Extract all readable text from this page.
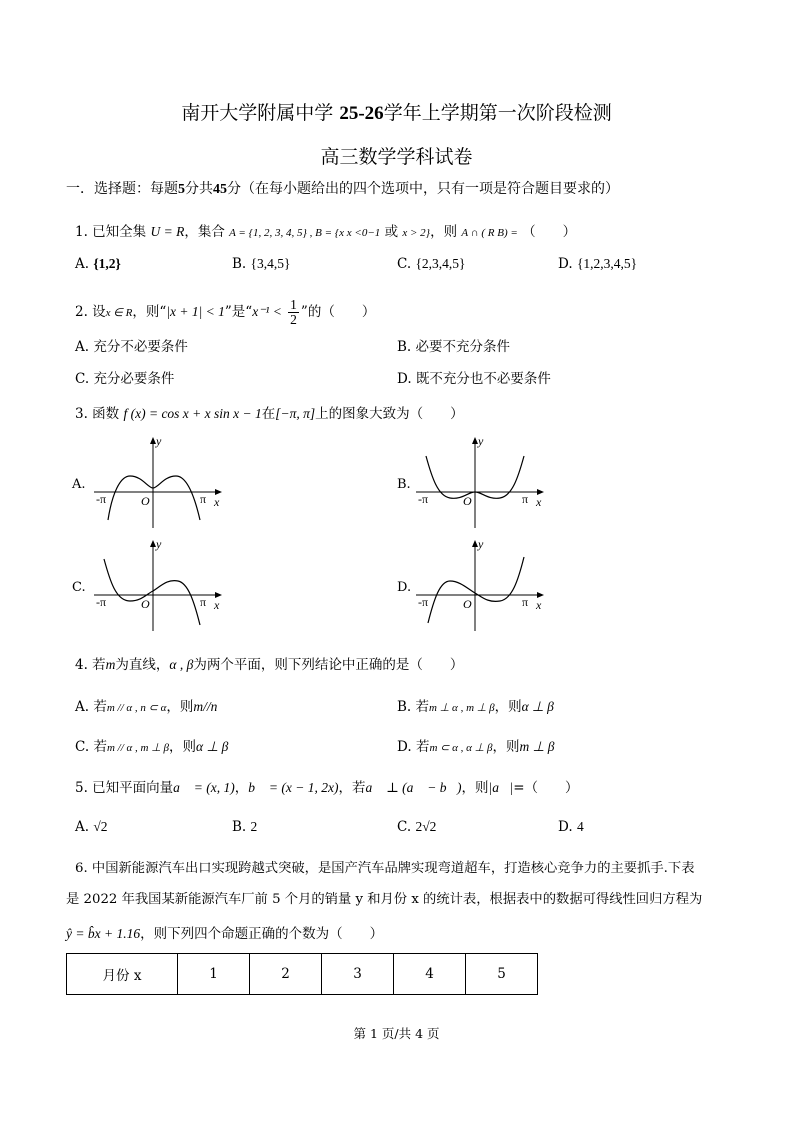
南开大学附属中学 25-26学年上学期第一次阶段检测
高三数学学科试卷
一．选择题：每题5分共45分（在每小题给出的四个选项中，只有一项是符合题目要求的）
1. 已知全集 U = R，集合 A = {1, 2, 3, 4, 5} , B = {x x <0−1 或 x > 2}，则 A ∩ ( R B) = （　　）
A. {1,2}	B. {3,4,5}	C. {2,3,4,5}	D. {1,2,3,4,5}
2. 设x ∈ R，则“|x + 1| < 1”是“$x^{-1} < \frac{1}{2}$ ”的（　　）
A. 充分不必要条件	B. 必要不充分条件
C. 充分必要条件	D. 既不充分也不必要条件
3. 函数 f (x) = cos x + x sin x − 1在[−π, π]上的图象大致为（　　）
A.
y
x
O
-π	π
B.
y
x
O
-π	π
C.
y
x
O
-π	π
D.
y
x
O
-π	π
4. 若m为直线，α , β为两个平面，则下列结论中正确的是（　　）
A. 若m // α , n ⊂ α，则m//n	B. 若m ⊥ α , m ⊥ β，则α ⊥ β
C. 若m // α , m ⊥ β，则α ⊥ β	D. 若m ⊂ α , α ⊥ β，则m ⊥ β
5. 已知平面向量a⃗ = (x, 1)，b⃗ = (x − 1, 2x)，若a⃗ ⊥ (a⃗ − b⃗)，则|a⃗|=（　　）
A. √2	B. 2	C. 2√2	D. 4
6. 中国新能源汽车出口实现跨越式突破，是国产汽车品牌实现弯道超车，打造核心竞争力的主要抓手.下表
是 2022 年我国某新能源汽车厂前 5 个月的销量 y 和月份 x 的统计表，根据表中的数据可得线性回归方程为
ŷ = b̂x + 1.16，则下列四个命题正确的个数为（　　）
月份 x	1	2	3	4	5
第 1 页/共 4 页
